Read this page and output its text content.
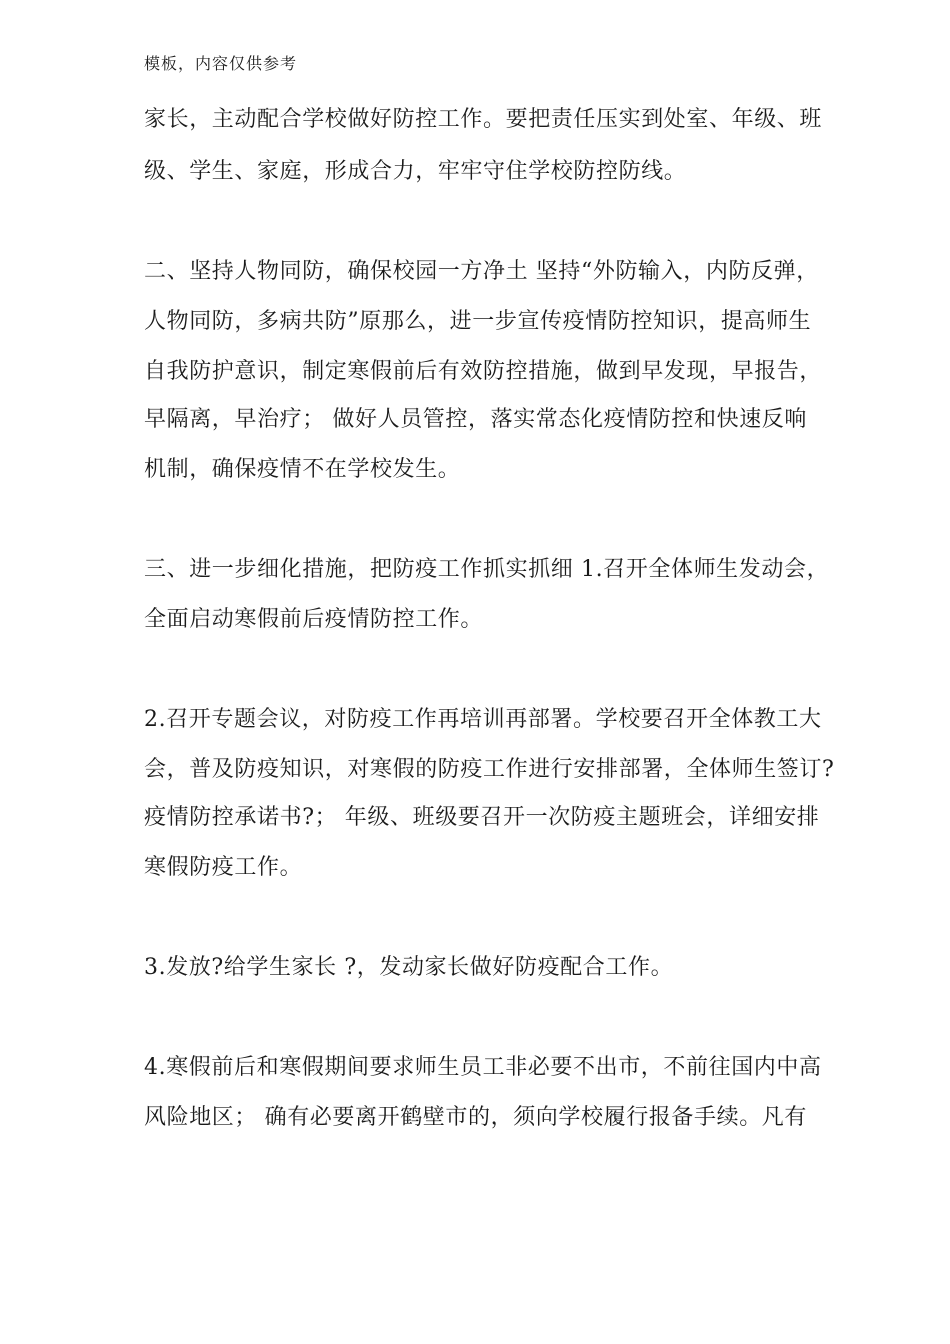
模板，内容仅供参考
家长，主动配合学校做好防控工作。要把责任压实到处室、年级、班
级、学生、家庭，形成合力，牢牢守住学校防控防线。
二、坚持人物同防，确保校园一方净土 坚持“外防输入，内防反弹，
人物同防，多病共防”原那么，进一步宣传疫情防控知识，提高师生
自我防护意识，制定寒假前后有效防控措施，做到早发现，早报告，
早隔离，早治疗； 做好人员管控，落实常态化疫情防控和快速反响
机制，确保疫情不在学校发生。
三、进一步细化措施，把防疫工作抓实抓细 1.召开全体师生发动会，
全面启动寒假前后疫情防控工作。
2.召开专题会议，对防疫工作再培训再部署。学校要召开全体教工大
会，普及防疫知识，对寒假的防疫工作进行安排部署，全体师生签订?
疫情防控承诺书?； 年级、班级要召开一次防疫主题班会，详细安排
寒假防疫工作。
3.发放?给学生家长 ?，发动家长做好防疫配合工作。
4.寒假前后和寒假期间要求师生员工非必要不出市，不前往国内中高
风险地区； 确有必要离开鹤壁市的，须向学校履行报备手续。凡有
